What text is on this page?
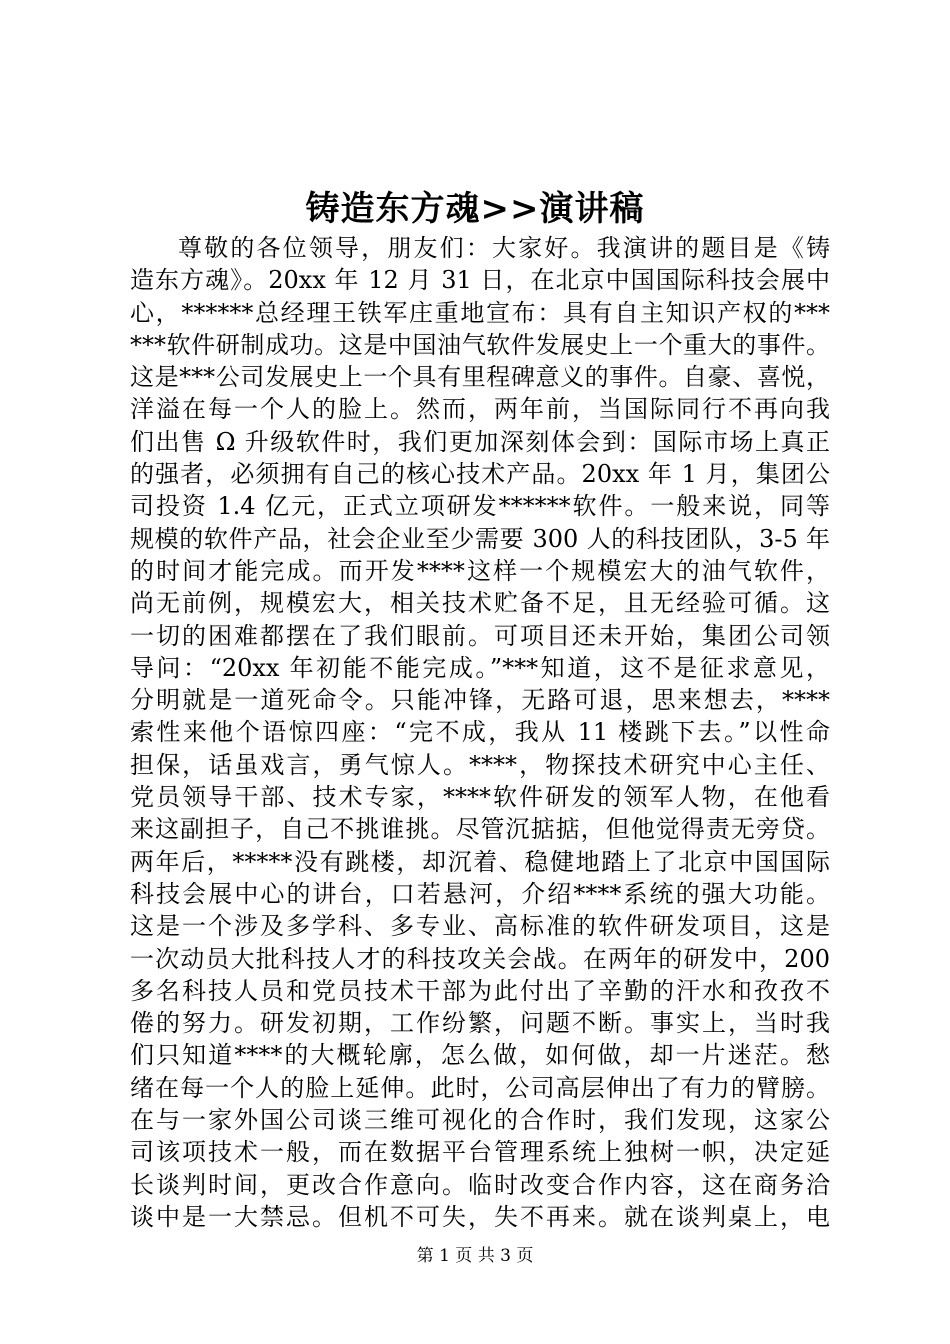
铸造东方魂>>演讲稿
尊敬的各位领导，朋友们：大家好。我演讲的题目是《铸
造东方魂》。20xx 年 12 月 31 日，在北京中国国际科技会展中
心，******总经理王铁军庄重地宣布：具有自主知识产权的***
***软件研制成功。这是中国油气软件发展史上一个重大的事件。
这是***公司发展史上一个具有里程碑意义的事件。自豪、喜悦，
洋溢在每一个人的脸上。然而，两年前，当国际同行不再向我
们出售 Ω 升级软件时，我们更加深刻体会到：国际市场上真正
的强者，必须拥有自己的核心技术产品。20xx 年 1 月，集团公
司投资 1.4 亿元，正式立项研发******软件。一般来说，同等
规模的软件产品，社会企业至少需要 300 人的科技团队，3-5 年
的时间才能完成。而开发****这样一个规模宏大的油气软件，
尚无前例，规模宏大，相关技术贮备不足，且无经验可循。这
一切的困难都摆在了我们眼前。可项目还未开始，集团公司领
导问：“20xx 年初能不能完成。”***知道，这不是征求意见，
分明就是一道死命令。只能冲锋，无路可退，思来想去，****
索性来他个语惊四座：“完不成，我从 11 楼跳下去。”以性命
担保，话虽戏言，勇气惊人。****，物探技术研究中心主任、
党员领导干部、技术专家，****软件研发的领军人物，在他看
来这副担子，自己不挑谁挑。尽管沉掂掂，但他觉得责无旁贷。
两年后，*****没有跳楼，却沉着、稳健地踏上了北京中国国际
科技会展中心的讲台，口若悬河，介绍****系统的强大功能。
这是一个涉及多学科、多专业、高标准的软件研发项目，这是
一次动员大批科技人才的科技攻关会战。在两年的研发中，200
多名科技人员和党员技术干部为此付出了辛勤的汗水和孜孜不
倦的努力。研发初期，工作纷繁，问题不断。事实上，当时我
们只知道****的大概轮廓，怎么做，如何做，却一片迷茫。愁
绪在每一个人的脸上延伸。此时，公司高层伸出了有力的臂膀。
在与一家外国公司谈三维可视化的合作时，我们发现，这家公
司该项技术一般，而在数据平台管理系统上独树一帜，决定延
长谈判时间，更改合作意向。临时改变合作内容，这在商务洽
谈中是一大禁忌。但机不可失，失不再来。就在谈判桌上，电
第 1 页 共 3 页
